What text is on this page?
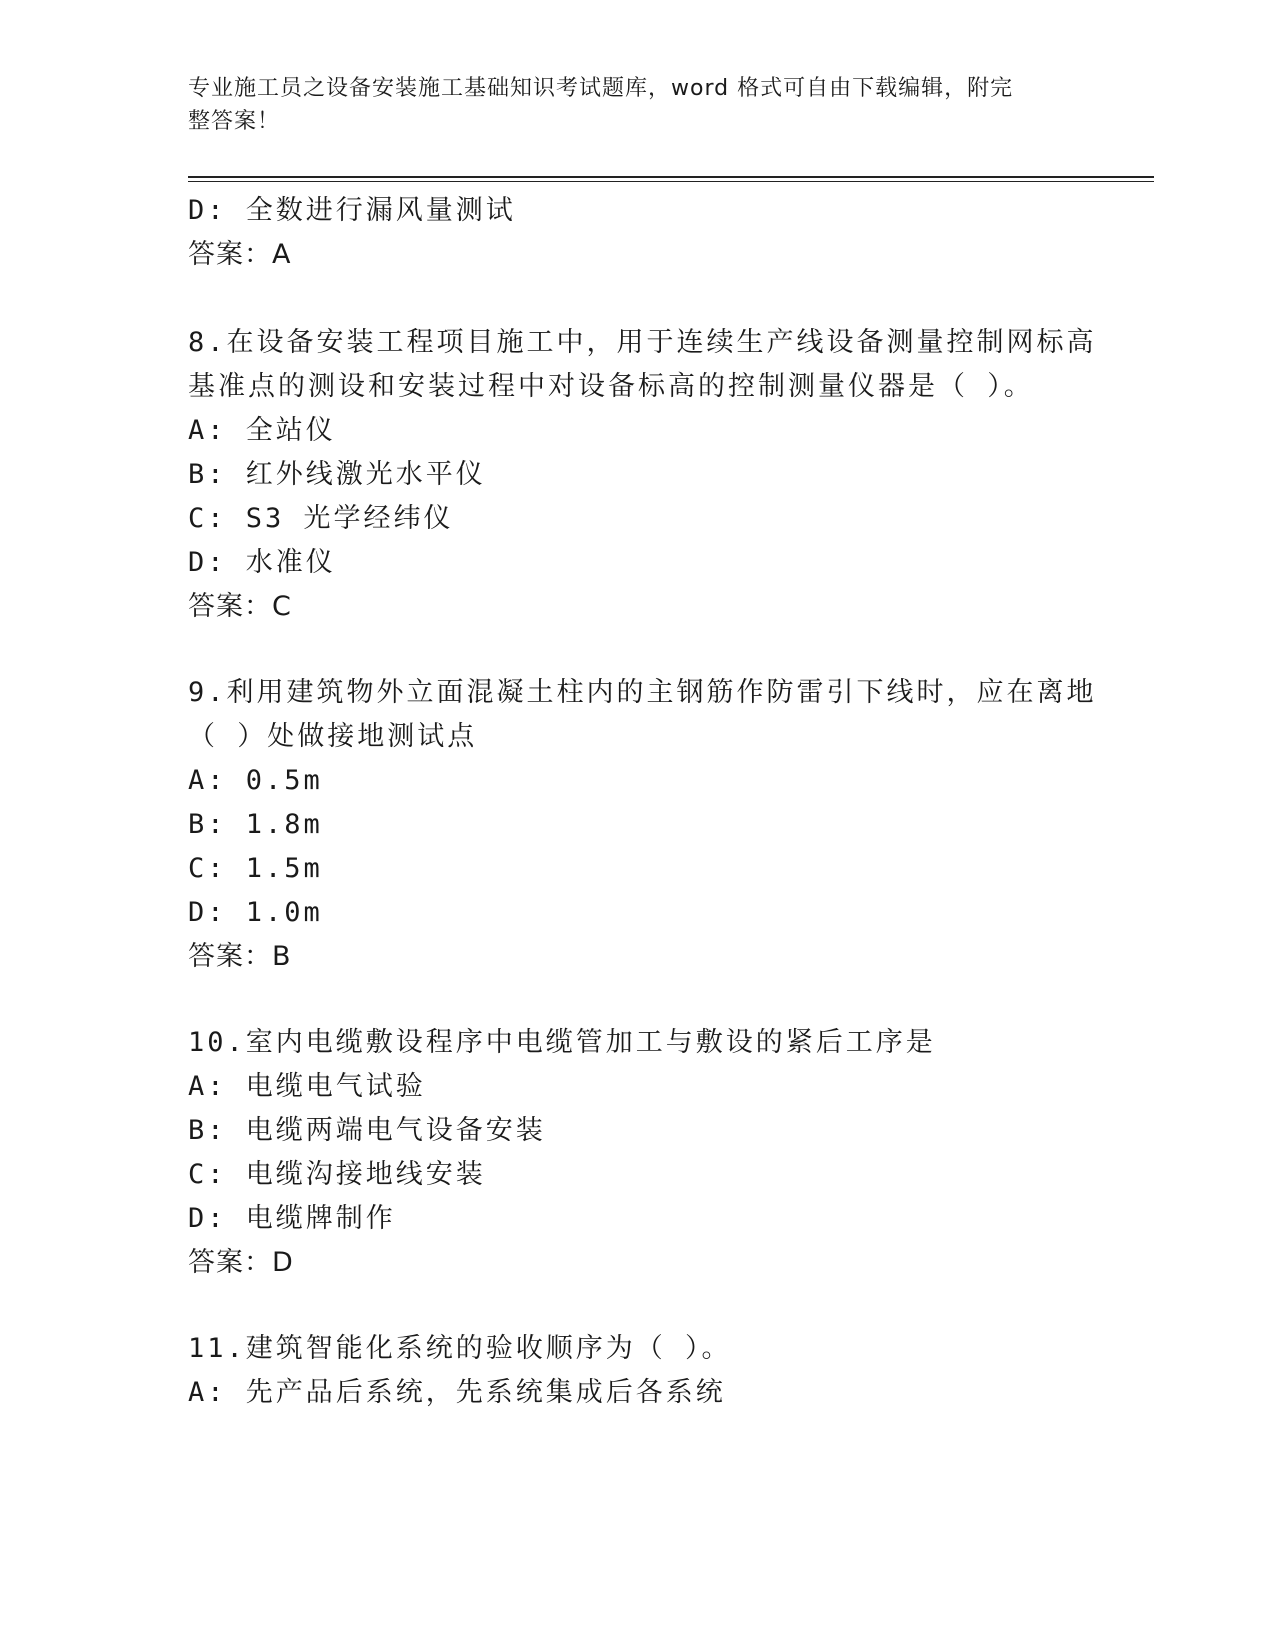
专业施工员之设备安装施工基础知识考试题库，word 格式可自由下载编辑，附完
整答案！
D: 全数进行漏风量测试
答案：A
8.在设备安装工程项目施工中，用于连续生产线设备测量控制网标高
基准点的测设和安装过程中对设备标高的控制测量仪器是（ ）。
A: 全站仪
B: 红外线激光水平仪
C: S3 光学经纬仪
D: 水准仪
答案：C
9.利用建筑物外立面混凝土柱内的主钢筋作防雷引下线时，应在离地
（ ）处做接地测试点
A: 0.5m
B: 1.8m
C: 1.5m
D: 1.0m
答案：B
10.室内电缆敷设程序中电缆管加工与敷设的紧后工序是
A: 电缆电气试验
B: 电缆两端电气设备安装
C: 电缆沟接地线安装
D: 电缆牌制作
答案：D
11.建筑智能化系统的验收顺序为（ ）。
A: 先产品后系统，先系统集成后各系统
